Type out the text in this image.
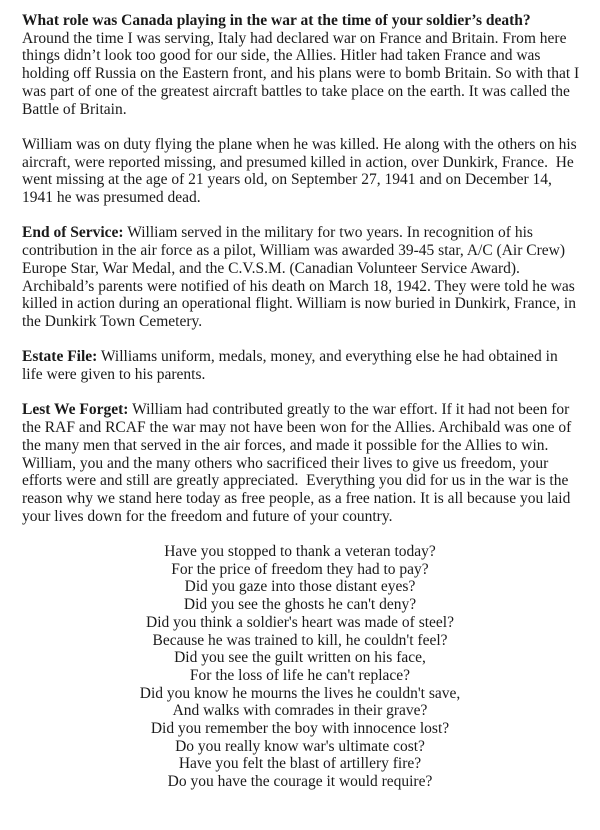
What role was Canada playing in the war at the time of your soldier’s death?
Around the time I was serving, Italy had declared war on France and Britain. From here
things didn’t look too good for our side, the Allies. Hitler had taken France and was
holding off Russia on the Eastern front, and his plans were to bomb Britain. So with that I
was part of one of the greatest aircraft battles to take place on the earth. It was called the
Battle of Britain.

William was on duty flying the plane when he was killed. He along with the others on his
aircraft, were reported missing, and presumed killed in action, over Dunkirk, France.  He
went missing at the age of 21 years old, on September 27, 1941 and on December 14,
1941 he was presumed dead.

End of Service: William served in the military for two years. In recognition of his
contribution in the air force as a pilot, William was awarded 39-45 star, A/C (Air Crew)
Europe Star, War Medal, and the C.V.S.M. (Canadian Volunteer Service Award).
Archibald’s parents were notified of his death on March 18, 1942. They were told he was
killed in action during an operational flight. William is now buried in Dunkirk, France, in
the Dunkirk Town Cemetery.

Estate File: Williams uniform, medals, money, and everything else he had obtained in
life were given to his parents.

Lest We Forget: William had contributed greatly to the war effort. If it had not been for
the RAF and RCAF the war may not have been won for the Allies. Archibald was one of
the many men that served in the air forces, and made it possible for the Allies to win.
William, you and the many others who sacrificed their lives to give us freedom, your
efforts were and still are greatly appreciated.  Everything you did for us in the war is the
reason why we stand here today as free people, as a free nation. It is all because you laid
your lives down for the freedom and future of your country.

Have you stopped to thank a veteran today?
For the price of freedom they had to pay?
Did you gaze into those distant eyes?
Did you see the ghosts he can't deny?
Did you think a soldier's heart was made of steel?
Because he was trained to kill, he couldn't feel?
Did you see the guilt written on his face,
For the loss of life he can't replace?
Did you know he mourns the lives he couldn't save,
And walks with comrades in their grave?
Did you remember the boy with innocence lost?
Do you really know war's ultimate cost?
Have you felt the blast of artillery fire?
Do you have the courage it would require?
